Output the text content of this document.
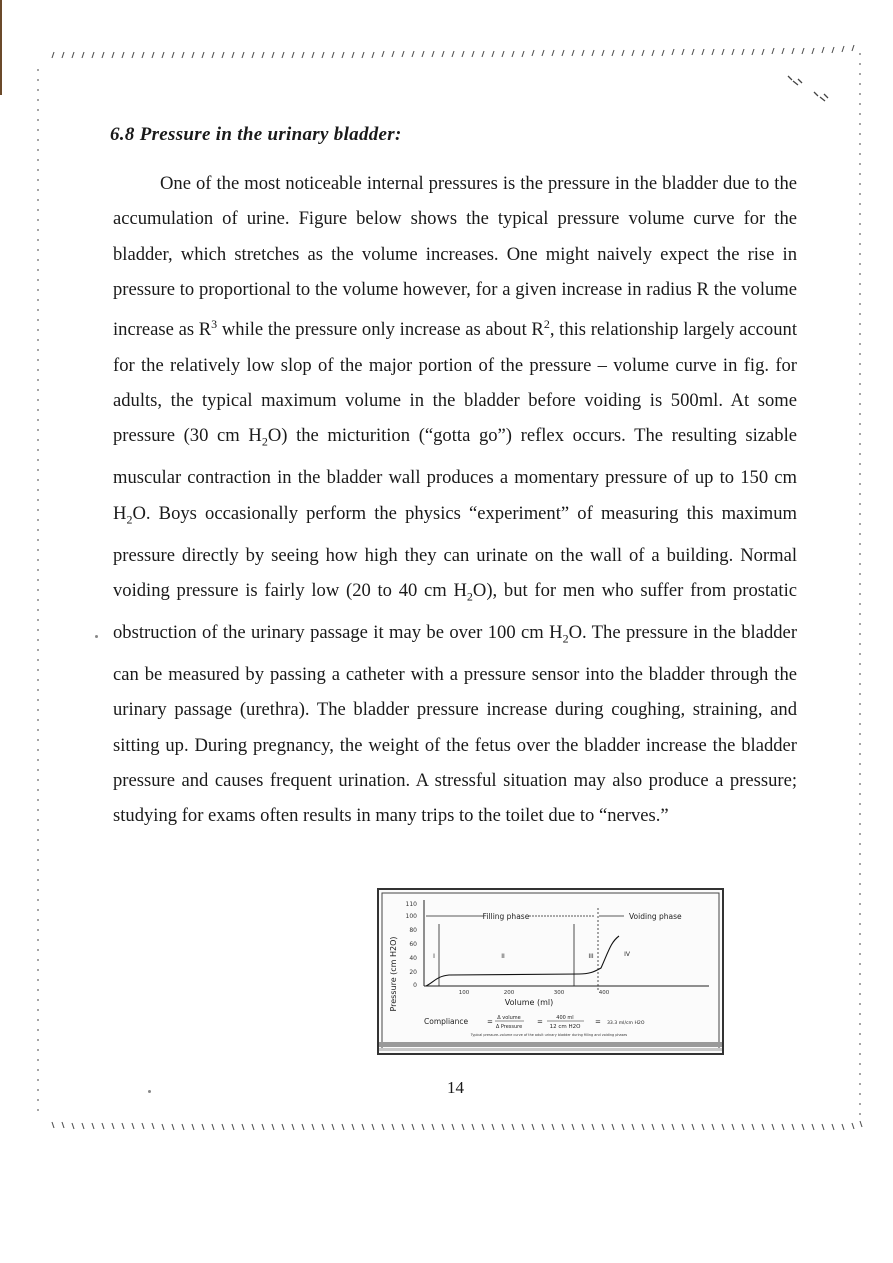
6.8 Pressure in the urinary bladder:

One of the most noticeable internal pressures is the pressure in the bladder due to the accumulation of urine. Figure below shows the typical pressure volume curve for the bladder, which stretches as the volume increases. One might naively expect the rise in pressure to proportional to the volume however, for a given increase in radius R the volume increase as $R^3$ while the pressure only increase as about $R^2$, this relationship largely account for the relatively low slop of the major portion of the pressure – volume curve in fig. for adults, the typical maximum volume in the bladder before voiding is 500ml. At some pressure (30 cm $H_2O$) the micturition (“gotta go”) reflex occurs. The resulting sizable muscular contraction in the bladder wall produces a momentary pressure of up to 150 cm $H_2O$. Boys occasionally perform the physics “experiment” of measuring this maximum pressure directly by seeing how high they can urinate on the wall of a building. Normal voiding pressure is fairly low (20 to 40 cm $H_2O$), but for men who suffer from prostatic obstruction of the urinary passage it may be over 100 cm $H_2O$. The pressure in the bladder can be measured by passing a catheter with a pressure sensor into the bladder through the urinary passage (urethra). The bladder pressure increase during coughing, straining, and sitting up. During pregnancy, the weight of the fetus over the bladder increase the bladder pressure and causes frequent urination. A stressful situation may also produce a pressure; studying for exams often results in many trips to the toilet due to “nerves.”

Pressure (cm H2O)
110
100
80
60
40
20
0
Filling phase	Voiding phase
I	II	III	IV
100	200	300	400
Volume (ml)
Compliance	= Δ volume
Δ Pressure
=	400 ml
12 cm H2O
= 33.3 ml/cm H2O
Typical pressure–volume curve of the adult urinary bladder during filling and voiding phases
14
